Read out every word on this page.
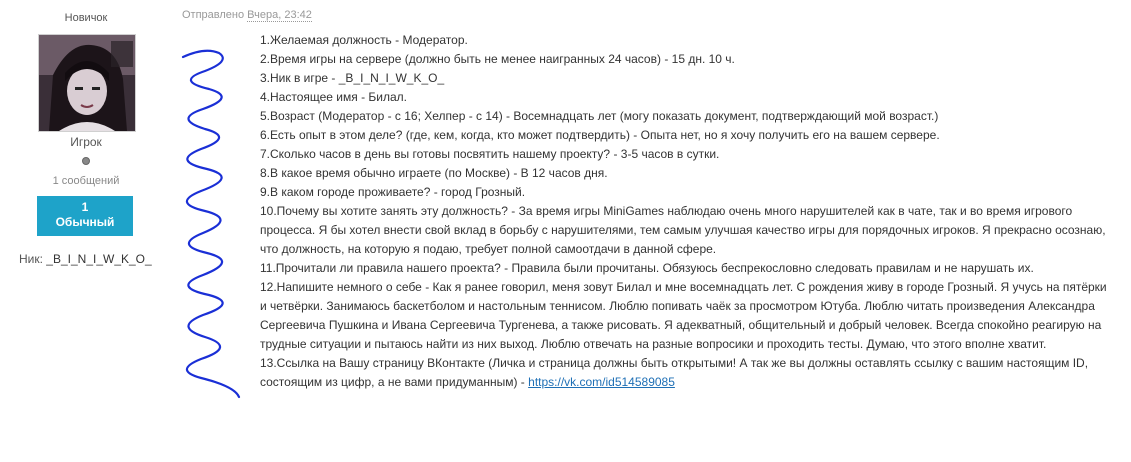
Новичок
Игрок
1 сообщений
1
Обычный
Ник: _B_I_N_I_W_K_O_
Отправлено Вчера, 23:42

1.Желаемая должность - Модератор.

2.Время игры на сервере (должно быть не менее наигранных 24 часов) - 15 дн. 10 ч.

3.Ник в игре - _B_I_N_I_W_K_O_

4.Настоящее имя - Билал.

5.Возраст (Модератор - с 16; Хелпер - с 14) - Восемнадцать лет (могу показать документ, подтверждающий мой возраст.)

6.Есть опыт в этом деле? (где, кем, когда, кто может подтвердить) - Опыта нет, но я хочу получить его на вашем сервере.

7.Сколько часов в день вы готовы посвятить нашему проекту? - 3-5 часов в сутки.

8.В какое время обычно играете (по Москве) - В 12 часов дня.

9.В каком городе проживаете? - город Грозный.

10.Почему вы хотите занять эту должность? - За время игры MiniGames наблюдаю очень много нарушителей как в чате, так и во время игрового процесса. Я бы хотел внести свой вклад в борьбу с нарушителями, тем самым улучшая качество игры для порядочных игроков. Я прекрасно осознаю, что должность, на которую я подаю, требует полной самоотдачи в данной сфере.

11.Прочитали ли правила нашего проекта? - Правила были прочитаны. Обязуюсь беспрекословно следовать правилам и не нарушать их.

12.Напишите немного о себе - Как я ранее говорил, меня зовут Билал и мне восемнадцать лет. С рождения живу в городе Грозный. Я учусь на пятёрки и четвёрки. Занимаюсь баскетболом и настольным теннисом. Люблю попивать чаёк за просмотром Ютуба. Люблю читать произведения Александра Сергеевича Пушкина и Ивана Сергеевича Тургенева, а также рисовать. Я адекватный, общительный и добрый человек. Всегда спокойно реагирую на трудные ситуации и пытаюсь найти из них выход. Люблю отвечать на разные вопросики и проходить тесты. Думаю, что этого вполне хватит.

13.Ссылка на Вашу страницу ВКонтакте (Личка и страница должны быть открытыми! А так же вы должны оставлять ссылку с вашим настоящим ID, состоящим из цифр, а не вами придуманным) - https://vk.com/id514589085
